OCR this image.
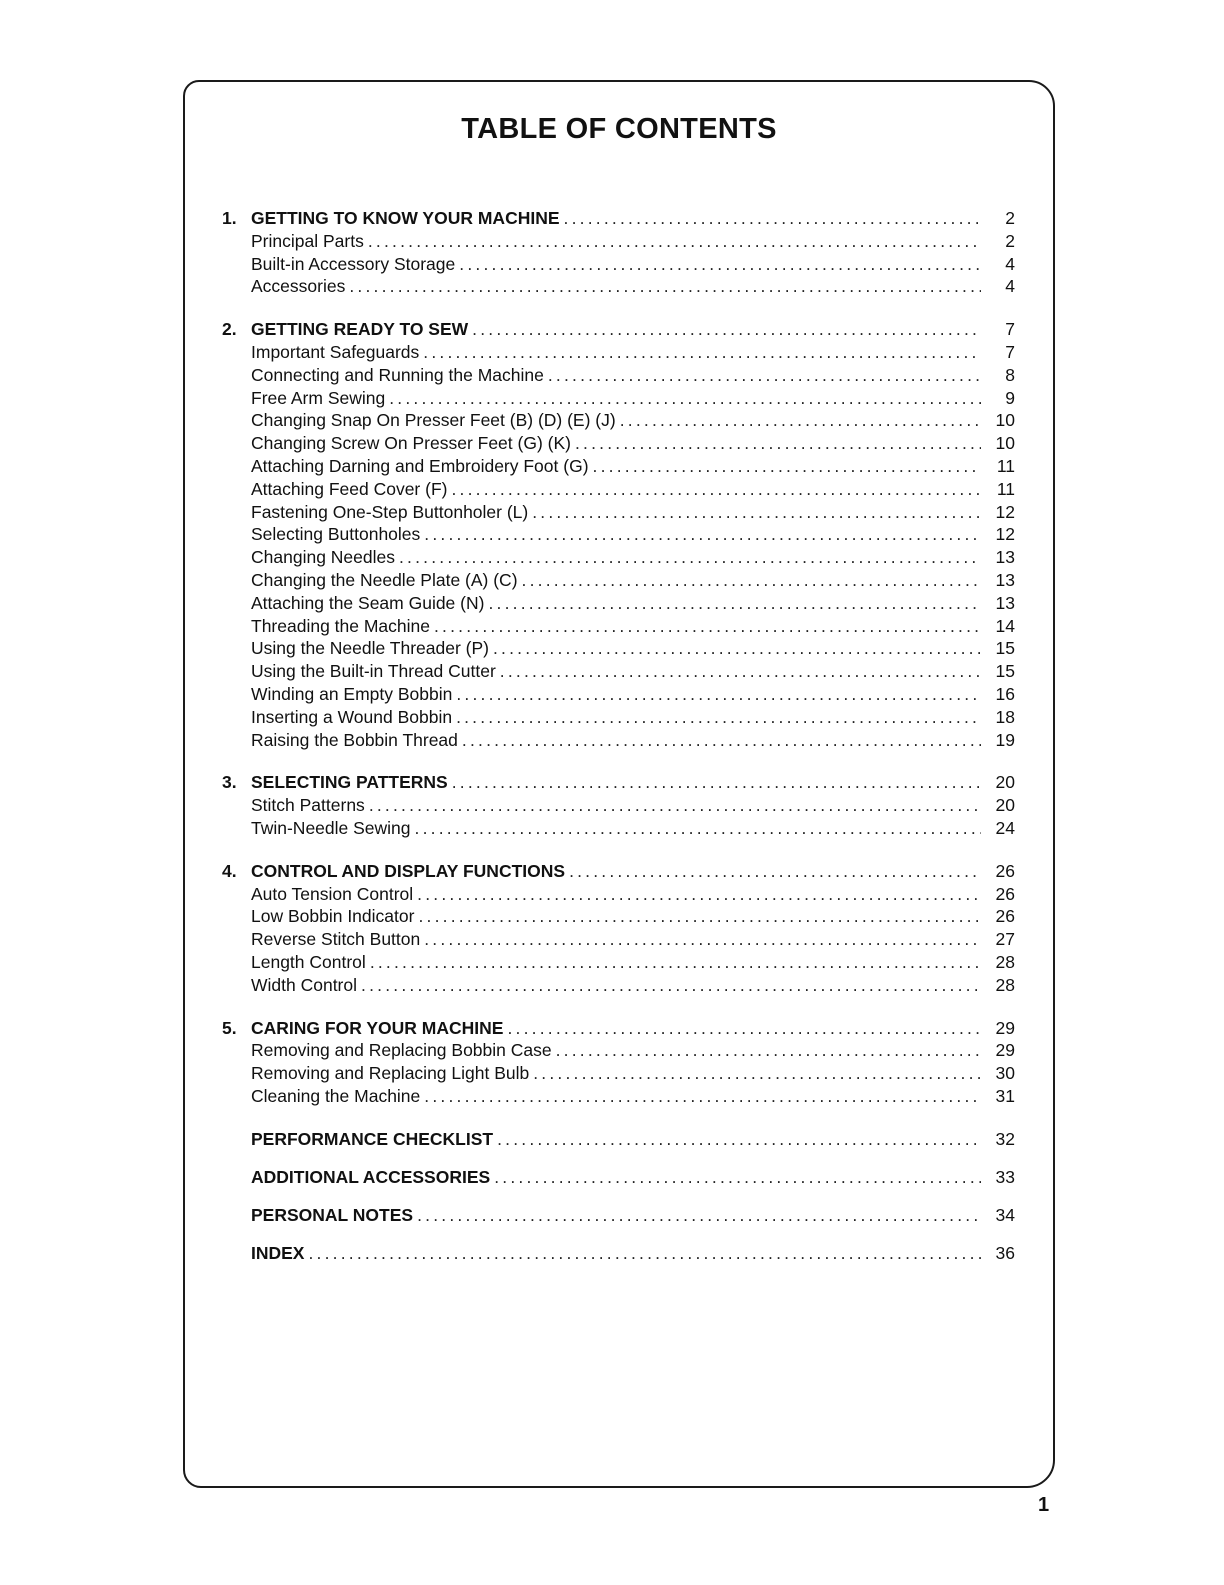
TABLE OF CONTENTS
1. GETTING TO KNOW YOUR MACHINE .....	2
Principal Parts .....	2
Built-in Accessory Storage .....	4
Accessories .....	4
2. GETTING READY TO SEW .....	7
Important Safeguards .....	7
Connecting and Running the Machine .....	8
Free Arm Sewing .....	9
Changing Snap On Presser Feet (B) (D) (E) (J) .....	10
Changing Screw On Presser Feet (G) (K) .....	10
Attaching Darning and Embroidery Foot (G) .....	11
Attaching Feed Cover (F) .....	11
Fastening One-Step Buttonholer (L) .....	12
Selecting Buttonholes .....	12
Changing Needles .....	13
Changing the Needle Plate (A) (C) .....	13
Attaching the Seam Guide (N) .....	13
Threading the Machine .....	14
Using the Needle Threader (P) .....	15
Using the Built-in Thread Cutter .....	15
Winding an Empty Bobbin .....	16
Inserting a Wound Bobbin .....	18
Raising the Bobbin Thread .....	19
3. SELECTING PATTERNS .....	20
Stitch Patterns .....	20
Twin-Needle Sewing .....	24
4. CONTROL AND DISPLAY FUNCTIONS .....	26
Auto Tension Control .....	26
Low Bobbin Indicator .....	26
Reverse Stitch Button .....	27
Length Control .....	28
Width Control .....	28
5. CARING FOR YOUR MACHINE .....	29
Removing and Replacing Bobbin Case .....	29
Removing and Replacing Light Bulb .....	30
Cleaning the Machine .....	31
PERFORMANCE CHECKLIST .....	32
ADDITIONAL ACCESSORIES .....	33
PERSONAL NOTES .....	34
INDEX .....	36
1
